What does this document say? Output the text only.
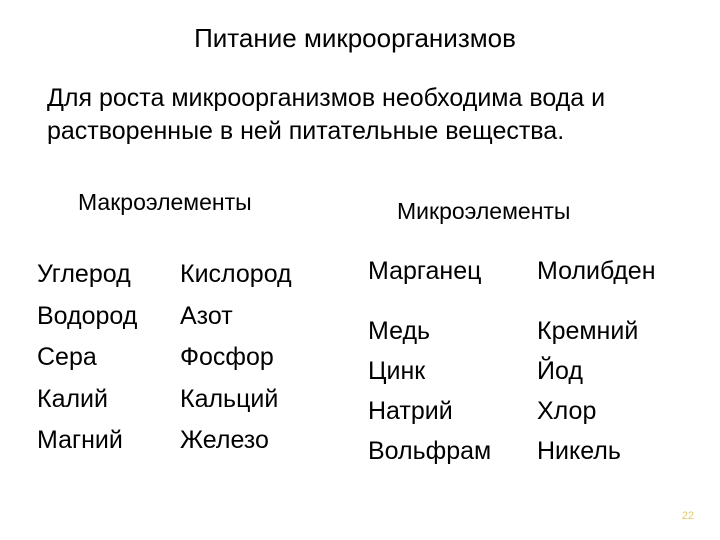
Питание микроорганизмов
Для роста микроорганизмов необходима вода и
растворенные в ней питательные вещества.
Макроэлементы	Микроэлементы
Углерод
Водород
Сера
Калий
Магний
Кислород
Азот
Фосфор
Кальций
Железо
Марганец
Медь
Цинк
Натрий
Вольфрам
Молибден
Кремний
Йод
Хлор
Никель
22
